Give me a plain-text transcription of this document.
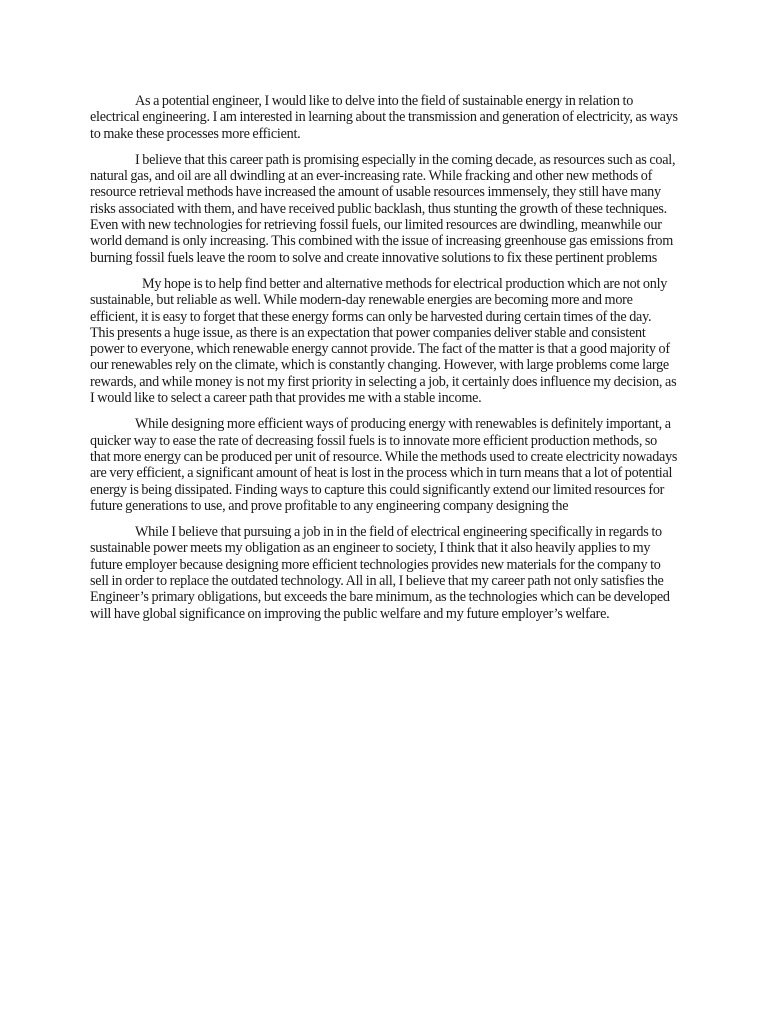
As a potential engineer, I would like to delve into the field of sustainable energy in relation to electrical engineering. I am interested in learning about the transmission and generation of electricity, as ways to make these processes more efficient.

I believe that this career path is promising especially in the coming decade, as resources such as coal, natural gas, and oil are all dwindling at an ever-increasing rate. While fracking and other new methods of resource retrieval methods have increased the amount of usable resources immensely, they still have many risks associated with them, and have received public backlash, thus stunting the growth of these techniques. Even with new technologies for retrieving fossil fuels, our limited resources are dwindling, meanwhile our world demand is only increasing. This combined with the issue of increasing greenhouse gas emissions from burning fossil fuels leave the room to solve and create innovative solutions to fix these pertinent problems

My hope is to help find better and alternative methods for electrical production which are not only sustainable, but reliable as well. While modern-day renewable energies are becoming more and more efficient, it is easy to forget that these energy forms can only be harvested during certain times of the day. This presents a huge issue, as there is an expectation that power companies deliver stable and consistent power to everyone, which renewable energy cannot provide. The fact of the matter is that a good majority of our renewables rely on the climate, which is constantly changing. However, with large problems come large rewards, and while money is not my first priority in selecting a job, it certainly does influence my decision, as I would like to select a career path that provides me with a stable income.

While designing more efficient ways of producing energy with renewables is definitely important, a quicker way to ease the rate of decreasing fossil fuels is to innovate more efficient production methods, so that more energy can be produced per unit of resource. While the methods used to create electricity nowadays are very efficient, a significant amount of heat is lost in the process which in turn means that a lot of potential energy is being dissipated. Finding ways to capture this could significantly extend our limited resources for future generations to use, and prove profitable to any engineering company designing the

While I believe that pursuing a job in in the field of electrical engineering specifically in regards to sustainable power meets my obligation as an engineer to society, I think that it also heavily applies to my future employer because designing more efficient technologies provides new materials for the company to sell in order to replace the outdated technology. All in all, I believe that my career path not only satisfies the Engineer’s primary obligations, but exceeds the bare minimum, as the technologies which can be developed will have global significance on improving the public welfare and my future employer’s welfare.
